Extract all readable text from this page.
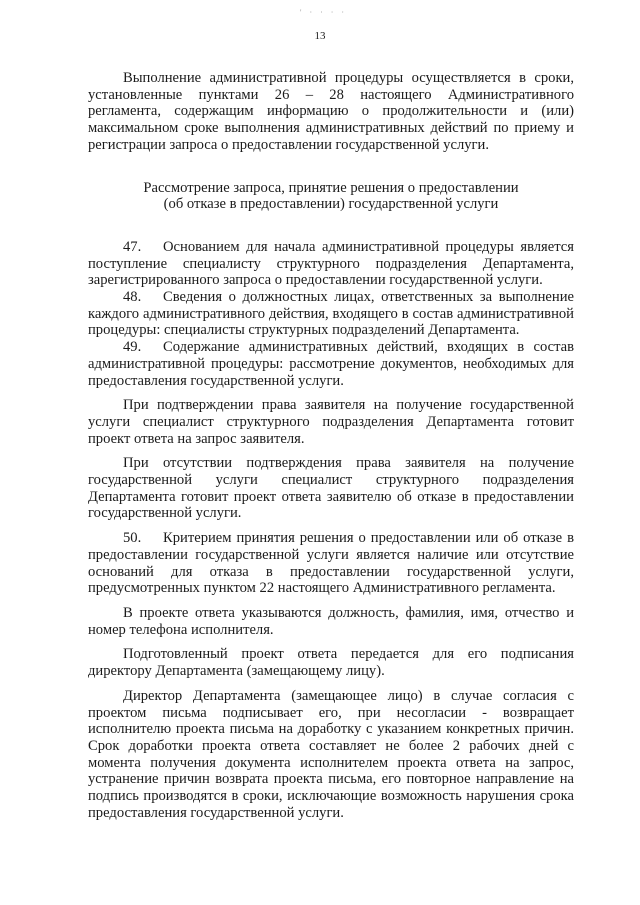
' · · · ·
13

Выполнение административной процедуры осуществляется в сроки, установленные пунктами 26 – 28 настоящего Административного регламента, содержащим информацию о продолжительности и (или) максимальном сроке выполнения административных действий по приему и регистрации запроса о предоставлении государственной услуги.

Рассмотрение запроса, принятие решения о предоставлении

(об отказе в предоставлении) государственной услуги

47. Основанием для начала административной процедуры является поступление специалисту структурного подразделения Департамента, зарегистрированного запроса о предоставлении государственной услуги.

48. Сведения о должностных лицах, ответственных за выполнение каждого административного действия, входящего в состав административной процедуры: специалисты структурных подразделений Департамента.

49. Содержание административных действий, входящих в состав административной процедуры: рассмотрение документов, необходимых для предоставления государственной услуги.

При подтверждении права заявителя на получение государственной услуги специалист структурного подразделения Департамента готовит проект ответа на запрос заявителя.

При отсутствии подтверждения права заявителя на получение государственной услуги специалист структурного подразделения Департамента готовит проект ответа заявителю об отказе в предоставлении государственной услуги.

50. Критерием принятия решения о предоставлении или об отказе в предоставлении государственной услуги является наличие или отсутствие оснований для отказа в предоставлении государственной услуги, предусмотренных пунктом 22 настоящего Административного регламента.

В проекте ответа указываются должность, фамилия, имя, отчество и номер телефона исполнителя.

Подготовленный проект ответа передается для его подписания директору Департамента (замещающему лицу).

Директор Департамента (замещающее лицо) в случае согласия с проектом письма подписывает его, при несогласии - возвращает исполнителю проекта письма на доработку с указанием конкретных причин. Срок доработки проекта ответа составляет не более 2 рабочих дней с момента получения документа исполнителем проекта ответа на запрос, устранение причин возврата проекта письма, его повторное направление на подпись производятся в сроки, исключающие возможность нарушения срока предоставления государственной услуги.
